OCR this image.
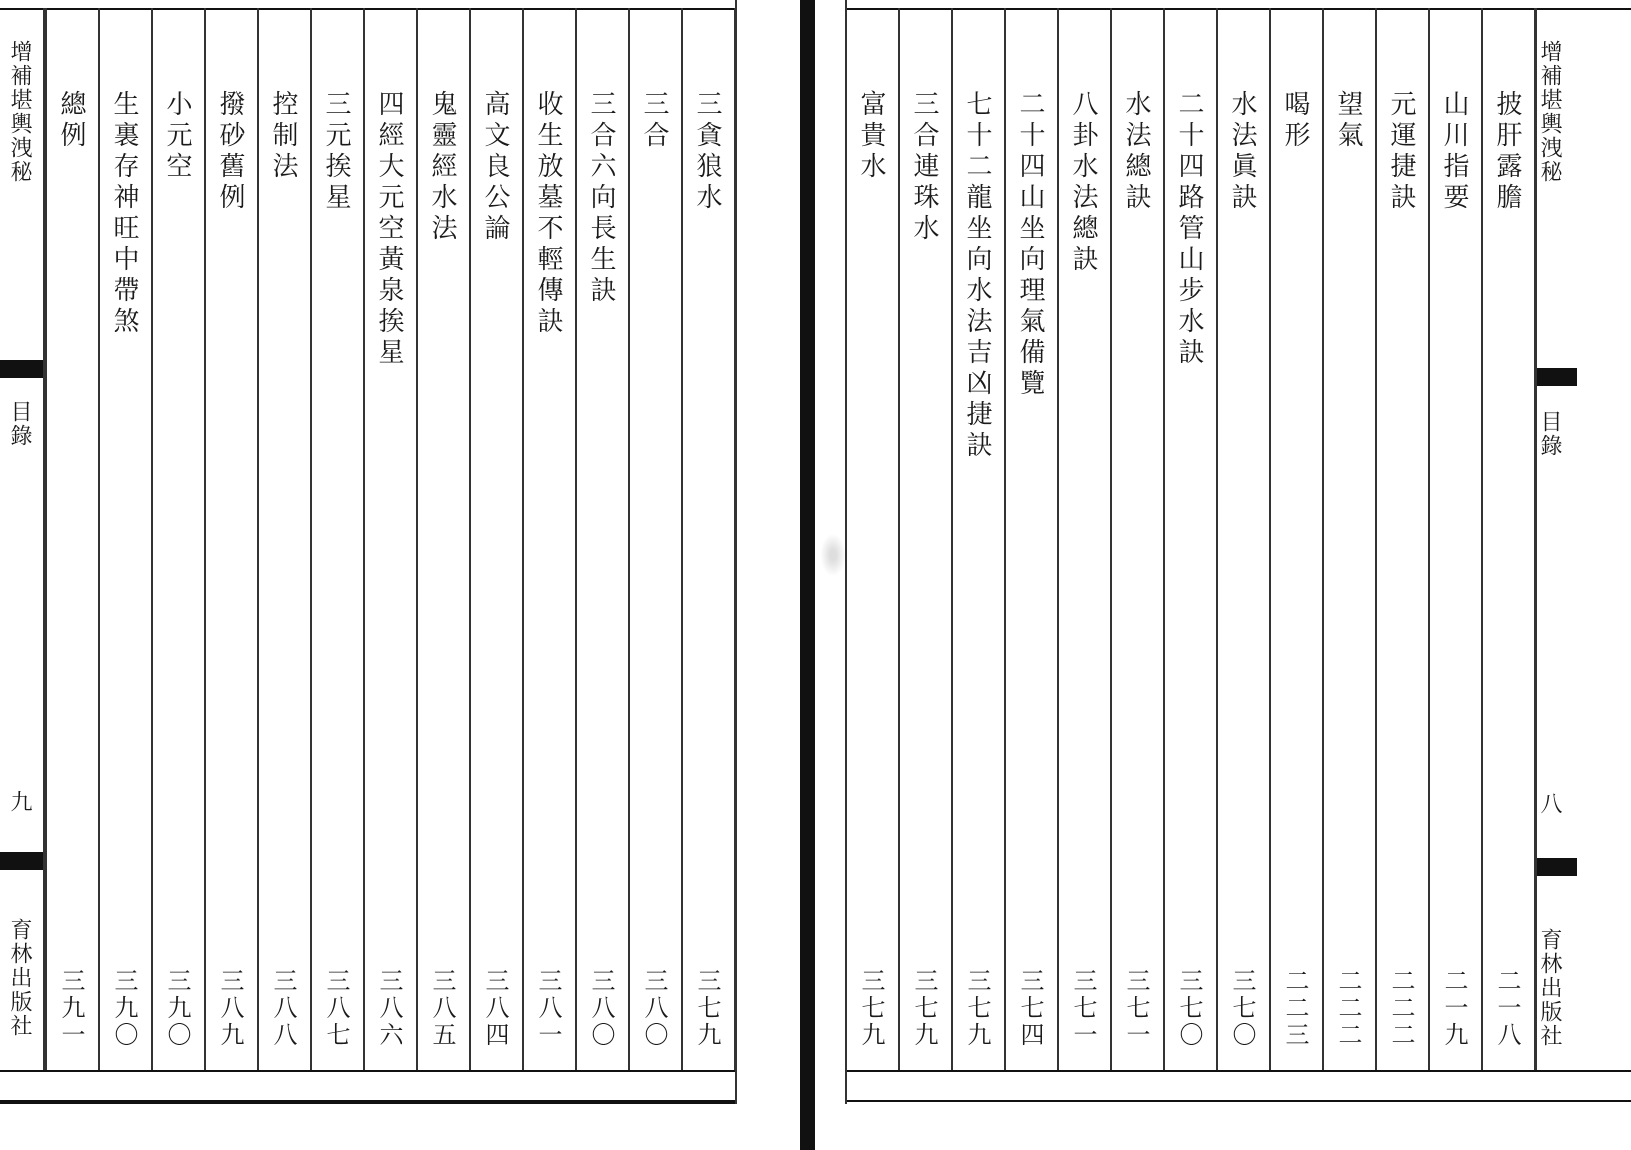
增補堪輿洩秘
目錄
九
育林出版社
三貪狼水
三七九
三合
三八〇
三合六向長生訣
三八〇
收生放墓不輕傳訣
三八一
高文良公論
三八四
鬼靈經水法
三八五
四經大元空黃泉挨星
三八六
三元挨星
三八七
控制法
三八八
撥砂舊例
三八九
小元空
三九〇
生裏存神旺中帶煞
三九〇
總例
三九一
增補堪輿洩秘
目錄
八
育林出版社
披肝露膽
二一八
山川指要
二一九
元運捷訣
二二二
望氣
二二二
喝形
二二三
水法眞訣
三七〇
二十四路管山步水訣
三七〇
水法總訣
三七一
八卦水法總訣
三七一
二十四山坐向理氣備覽
三七四
七十二龍坐向水法吉凶捷訣
三七九
三合連珠水
三七九
富貴水
三七九
